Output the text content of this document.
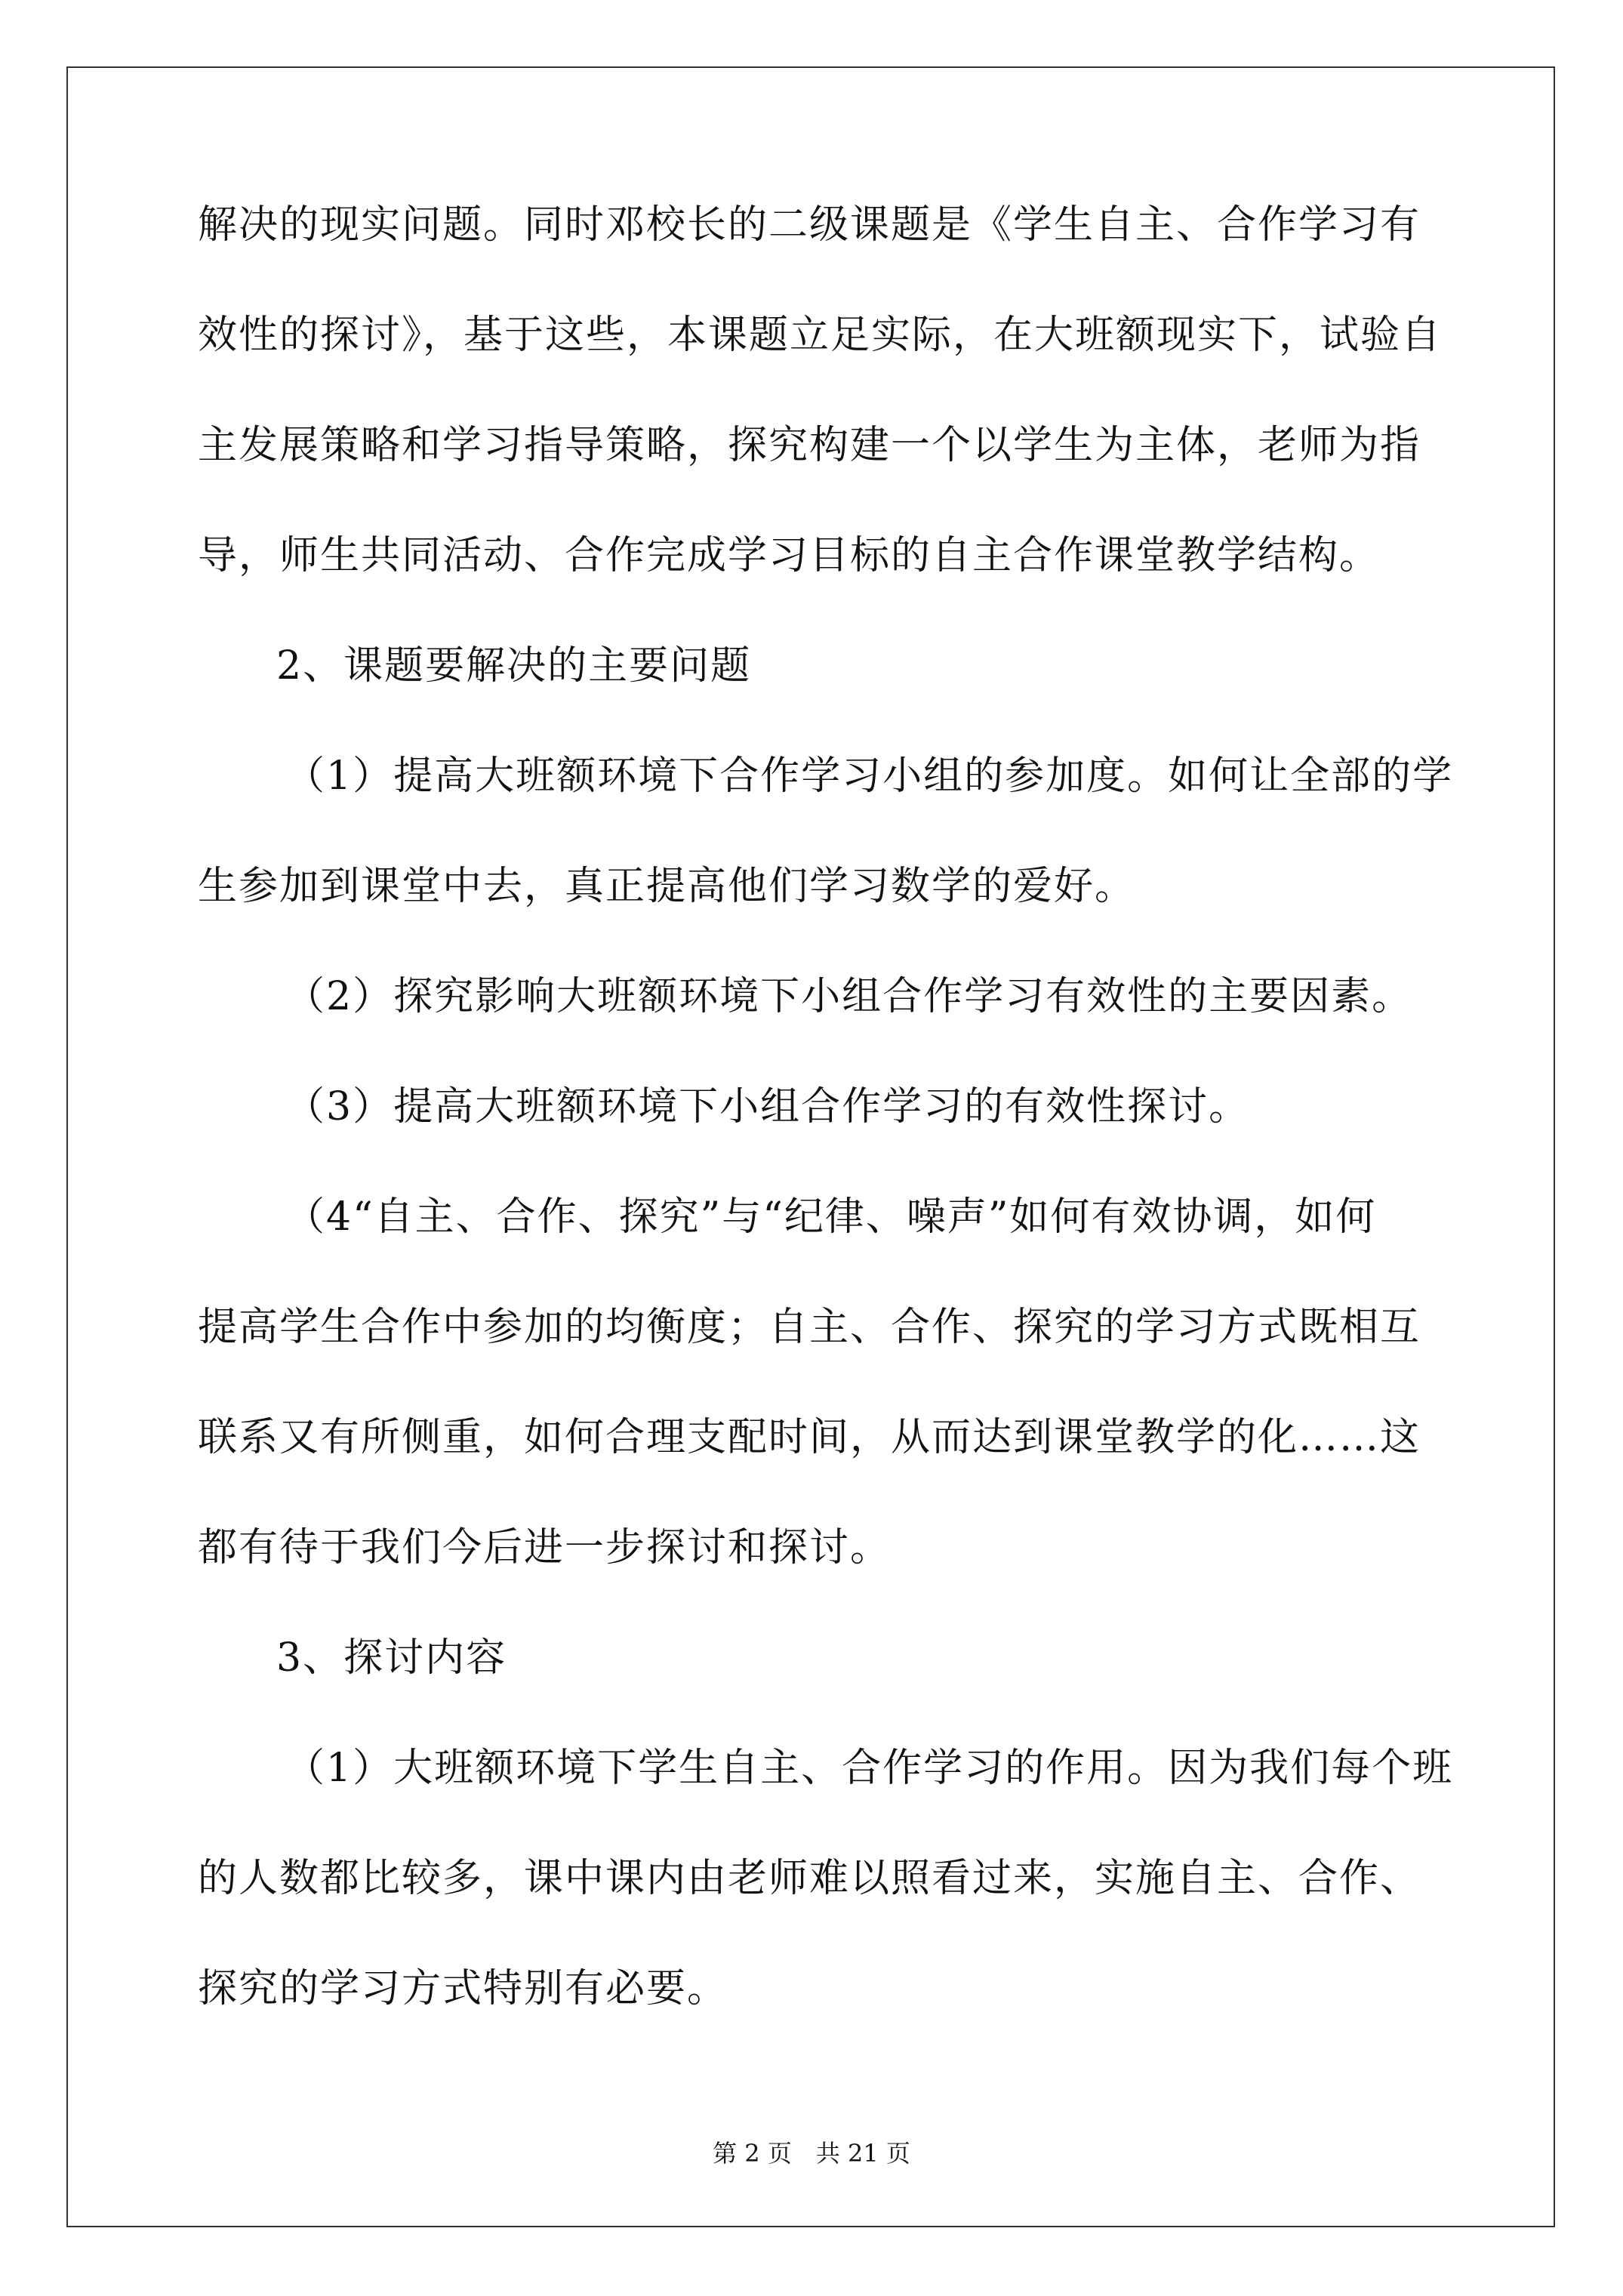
解决的现实问题。同时邓校长的二级课题是《学生自主、合作学习有
效性的探讨》，基于这些，本课题立足实际，在大班额现实下，试验自
主发展策略和学习指导策略，探究构建一个以学生为主体，老师为指
导，师生共同活动、合作完成学习目标的自主合作课堂教学结构。
2、课题要解决的主要问题
（1）提高大班额环境下合作学习小组的参加度。如何让全部的学
生参加到课堂中去，真正提高他们学习数学的爱好。
（2）探究影响大班额环境下小组合作学习有效性的主要因素。
（3）提高大班额环境下小组合作学习的有效性探讨。
（4“自主、合作、探究”与“纪律、噪声”如何有效协调，如何
提高学生合作中参加的均衡度；自主、合作、探究的学习方式既相互
联系又有所侧重，如何合理支配时间，从而达到课堂教学的化……这
都有待于我们今后进一步探讨和探讨。
3、探讨内容
（1）大班额环境下学生自主、合作学习的作用。因为我们每个班
的人数都比较多，课中课内由老师难以照看过来，实施自主、合作、
探究的学习方式特别有必要。
第 2 页　共 21 页
